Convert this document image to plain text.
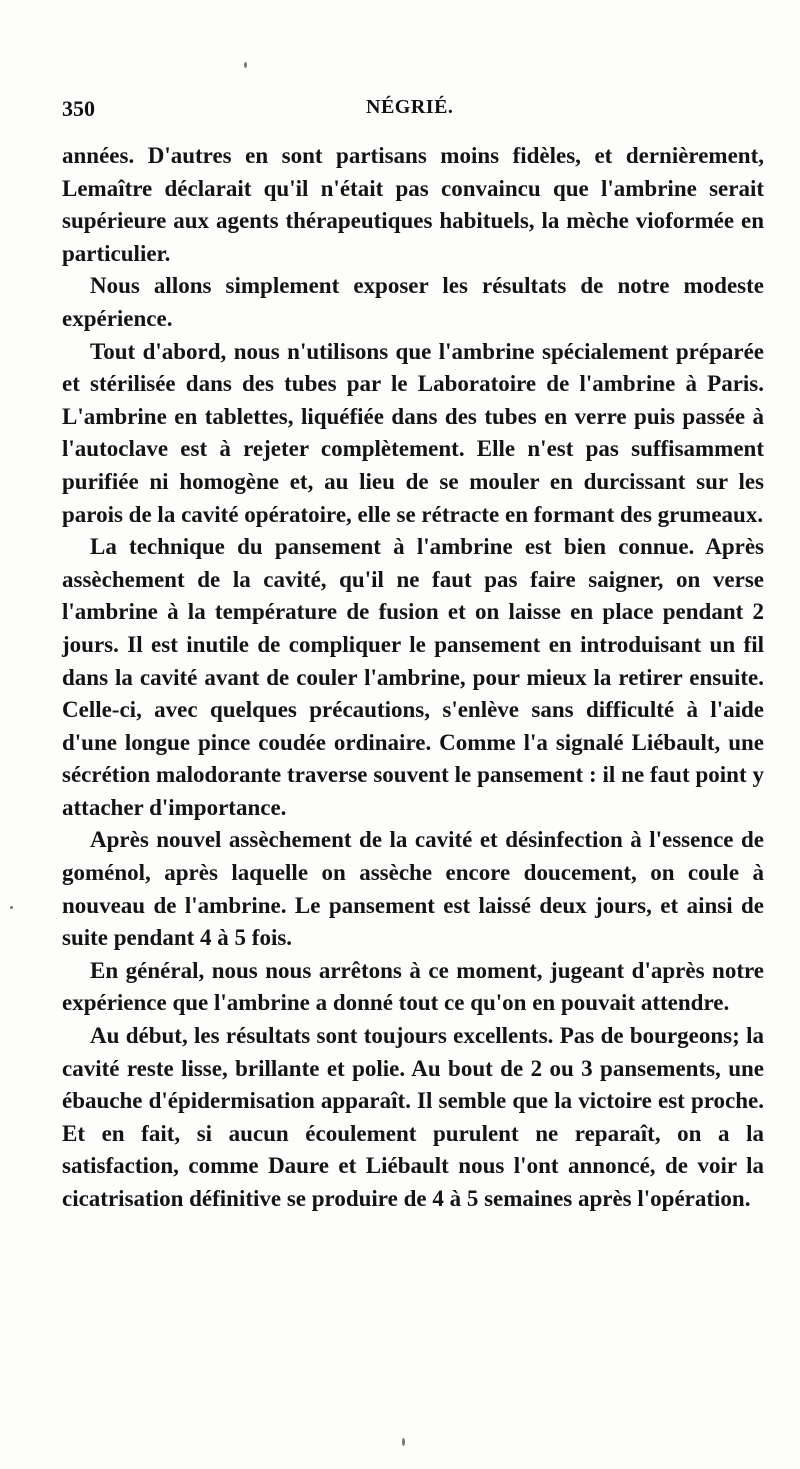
350	NÉGRIÉ.

années. D'autres en sont partisans moins fidèles, et dernièrement, Lemaître déclarait qu'il n'était pas convaincu que l'ambrine serait supérieure aux agents thérapeutiques habituels, la mèche vioformée en particulier.

Nous allons simplement exposer les résultats de notre modeste expérience.

Tout d'abord, nous n'utilisons que l'ambrine spécialement préparée et stérilisée dans des tubes par le Laboratoire de l'ambrine à Paris. L'ambrine en tablettes, liquéfiée dans des tubes en verre puis passée à l'autoclave est à rejeter complètement. Elle n'est pas suffisamment purifiée ni homogène et, au lieu de se mouler en durcissant sur les parois de la cavité opératoire, elle se rétracte en formant des grumeaux.

La technique du pansement à l'ambrine est bien connue. Après assèchement de la cavité, qu'il ne faut pas faire saigner, on verse l'ambrine à la température de fusion et on laisse en place pendant 2 jours. Il est inutile de compliquer le pansement en introduisant un fil dans la cavité avant de couler l'ambrine, pour mieux la retirer ensuite. Celle-ci, avec quelques précautions, s'enlève sans difficulté à l'aide d'une longue pince coudée ordinaire. Comme l'a signalé Liébault, une sécrétion malodorante traverse souvent le pansement : il ne faut point y attacher d'importance.

Après nouvel assèchement de la cavité et désinfection à l'essence de goménol, après laquelle on assèche encore doucement, on coule à nouveau de l'ambrine. Le pansement est laissé deux jours, et ainsi de suite pendant 4 à 5 fois.

En général, nous nous arrêtons à ce moment, jugeant d'après notre expérience que l'ambrine a donné tout ce qu'on en pouvait attendre.

Au début, les résultats sont toujours excellents. Pas de bourgeons; la cavité reste lisse, brillante et polie. Au bout de 2 ou 3 pansements, une ébauche d'épidermisation apparaît. Il semble que la victoire est proche. Et en fait, si aucun écoulement purulent ne reparaît, on a la satisfaction, comme Daure et Liébault nous l'ont annoncé, de voir la cicatrisation définitive se produire de 4 à 5 semaines après l'opération.
